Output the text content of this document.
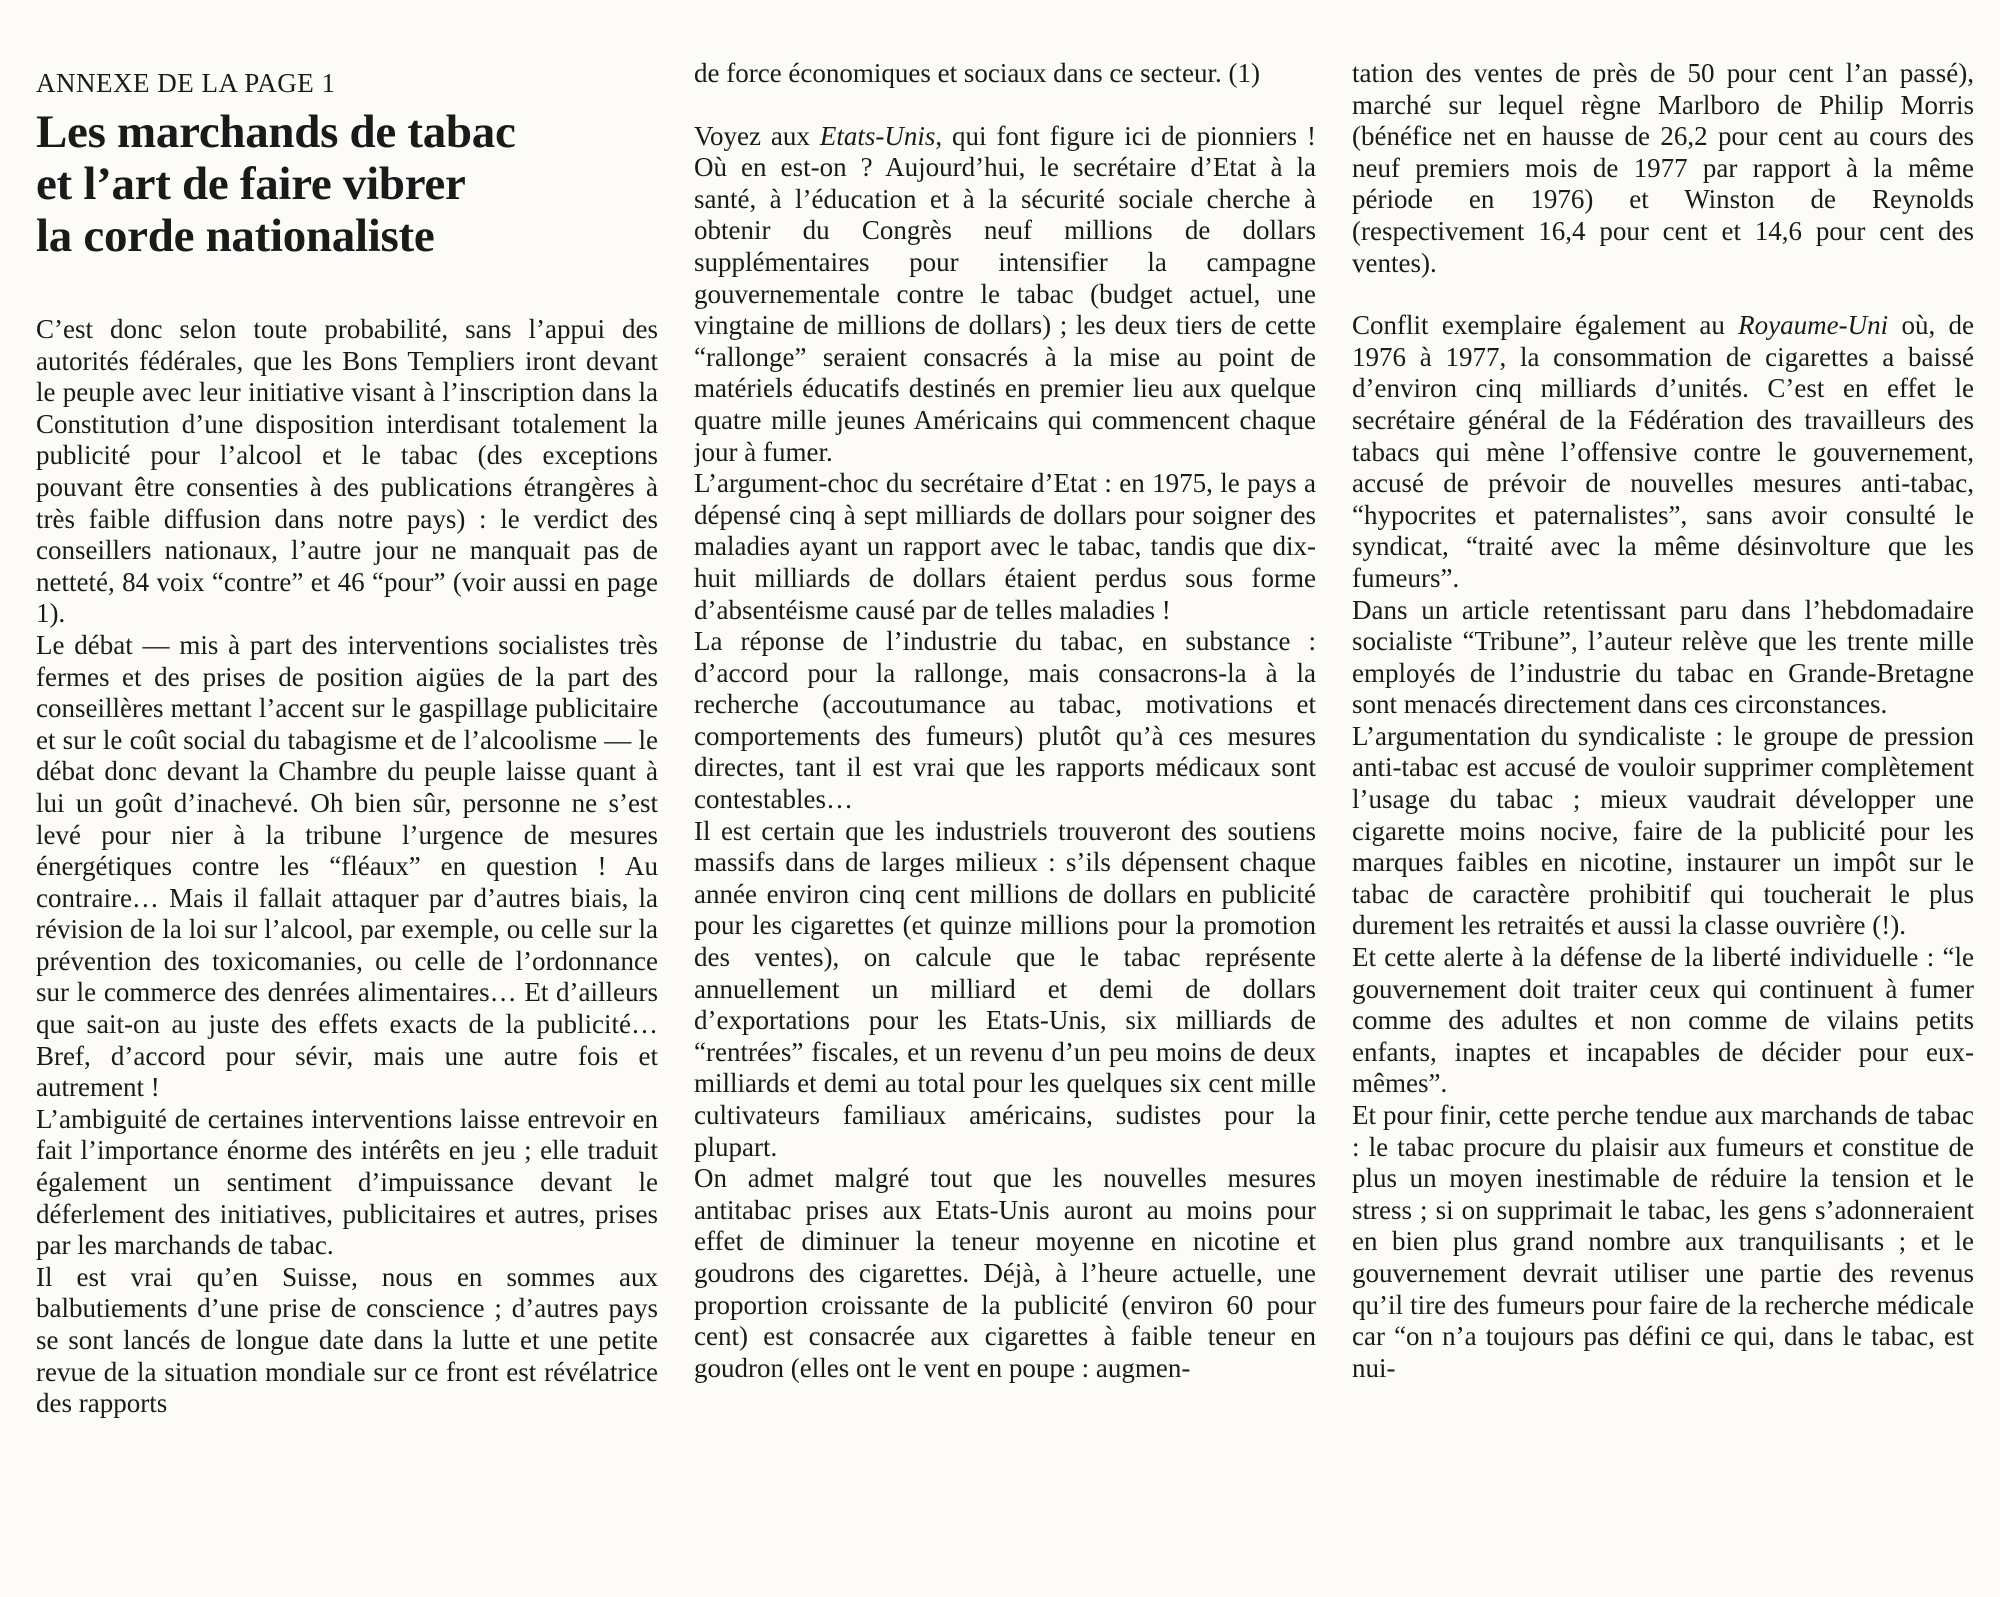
ANNEXE DE LA PAGE 1
Les marchands de tabac
et l’art de faire vibrer
la corde nationaliste

C’est donc selon toute probabilité, sans l’appui des autorités fédérales, que les Bons Templiers iront devant le peuple avec leur initiative visant à l’inscription dans la Constitution d’une disposition interdisant totalement la publicité pour l’alcool et le tabac (des exceptions pouvant être consenties à des publications étrangères à très faible diffusion dans notre pays) : le verdict des conseillers nationaux, l’autre jour ne manquait pas de netteté, 84 voix “contre” et 46 “pour” (voir aussi en page 1).

Le débat — mis à part des interventions socialistes très fermes et des prises de position aigües de la part des conseillères mettant l’accent sur le gaspillage publicitaire et sur le coût social du tabagisme et de l’alcoolisme — le débat donc devant la Chambre du peuple laisse quant à lui un goût d’inachevé. Oh bien sûr, personne ne s’est levé pour nier à la tribune l’urgence de mesures énergétiques contre les “fléaux” en question ! Au contraire… Mais il fallait attaquer par d’autres biais, la révision de la loi sur l’alcool, par exemple, ou celle sur la prévention des toxicomanies, ou celle de l’ordonnance sur le commerce des denrées alimentaires… Et d’ailleurs que sait-on au juste des effets exacts de la publicité… Bref, d’accord pour sévir, mais une autre fois et autrement !

L’ambiguité de certaines interventions laisse entrevoir en fait l’importance énorme des intérêts en jeu ; elle traduit également un sentiment d’impuissance devant le déferlement des initiatives, publicitaires et autres, prises par les marchands de tabac.

Il est vrai qu’en Suisse, nous en sommes aux balbutiements d’une prise de conscience ; d’autres pays se sont lancés de longue date dans la lutte et une petite revue de la situation mondiale sur ce front est révélatrice des rapports

de force économiques et sociaux dans ce secteur. (1)

Voyez aux Etats-Unis, qui font figure ici de pionniers ! Où en est-on ? Aujourd’hui, le secrétaire d’Etat à la santé, à l’éducation et à la sécurité sociale cherche à obtenir du Congrès neuf millions de dollars supplémentaires pour intensifier la campagne gouvernementale contre le tabac (budget actuel, une vingtaine de millions de dollars) ; les deux tiers de cette “rallonge” seraient consacrés à la mise au point de matériels éducatifs destinés en premier lieu aux quelque quatre mille jeunes Américains qui commencent chaque jour à fumer.

L’argument-choc du secrétaire d’Etat : en 1975, le pays a dépensé cinq à sept milliards de dollars pour soigner des maladies ayant un rapport avec le tabac, tandis que dix-huit milliards de dollars étaient perdus sous forme d’absentéisme causé par de telles maladies !

La réponse de l’industrie du tabac, en substance : d’accord pour la rallonge, mais consacrons-la à la recherche (accoutumance au tabac, motivations et comportements des fumeurs) plutôt qu’à ces mesures directes, tant il est vrai que les rapports médicaux sont contestables…

Il est certain que les industriels trouveront des soutiens massifs dans de larges milieux : s’ils dépensent chaque année environ cinq cent millions de dollars en publicité pour les cigarettes (et quinze millions pour la promotion des ventes), on calcule que le tabac représente annuellement un milliard et demi de dollars d’exportations pour les Etats-Unis, six milliards de “rentrées” fiscales, et un revenu d’un peu moins de deux milliards et demi au total pour les quelques six cent mille cultivateurs familiaux américains, sudistes pour la plupart.

On admet malgré tout que les nouvelles mesures antitabac prises aux Etats-Unis auront au moins pour effet de diminuer la teneur moyenne en nicotine et goudrons des cigarettes. Déjà, à l’heure actuelle, une proportion croissante de la publicité (environ 60 pour cent) est consacrée aux cigarettes à faible teneur en goudron (elles ont le vent en poupe : augmen-

tation des ventes de près de 50 pour cent l’an passé), marché sur lequel règne Marlboro de Philip Morris (bénéfice net en hausse de 26,2 pour cent au cours des neuf premiers mois de 1977 par rapport à la même période en 1976) et Winston de Reynolds (respectivement 16,4 pour cent et 14,6 pour cent des ventes).

Conflit exemplaire également au Royaume-Uni où, de 1976 à 1977, la consommation de cigarettes a baissé d’environ cinq milliards d’unités. C’est en effet le secrétaire général de la Fédération des travailleurs des tabacs qui mène l’offensive contre le gouvernement, accusé de prévoir de nouvelles mesures anti-tabac, “hypocrites et paternalistes”, sans avoir consulté le syndicat, “traité avec la même désinvolture que les fumeurs”.

Dans un article retentissant paru dans l’hebdomadaire socialiste “Tribune”, l’auteur relève que les trente mille employés de l’industrie du tabac en Grande-Bretagne sont menacés directement dans ces circonstances.

L’argumentation du syndicaliste : le groupe de pression anti-tabac est accusé de vouloir supprimer complètement l’usage du tabac ; mieux vaudrait développer une cigarette moins nocive, faire de la publicité pour les marques faibles en nicotine, instaurer un impôt sur le tabac de caractère prohibitif qui toucherait le plus durement les retraités et aussi la classe ouvrière (!).

Et cette alerte à la défense de la liberté individuelle : “le gouvernement doit traiter ceux qui continuent à fumer comme des adultes et non comme de vilains petits enfants, inaptes et incapables de décider pour eux-mêmes”.

Et pour finir, cette perche tendue aux marchands de tabac : le tabac procure du plaisir aux fumeurs et constitue de plus un moyen inestimable de réduire la tension et le stress ; si on supprimait le tabac, les gens s’adonneraient en bien plus grand nombre aux tranquilisants ; et le gouvernement devrait utiliser une partie des revenus qu’il tire des fumeurs pour faire de la recherche médicale car “on n’a toujours pas défini ce qui, dans le tabac, est nui-
